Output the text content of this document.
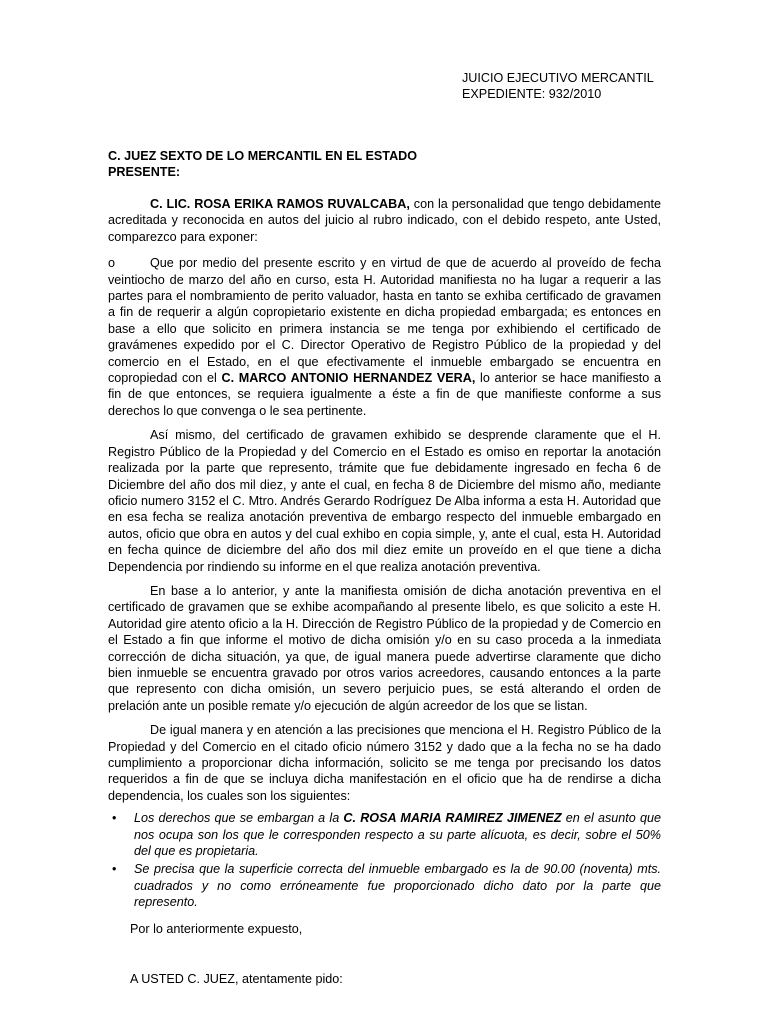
JUICIO EJECUTIVO MERCANTIL
EXPEDIENTE: 932/2010
C. JUEZ SEXTO DE LO MERCANTIL EN EL ESTADO
PRESENTE:

C. LIC. ROSA ERIKA RAMOS RUVALCABA, con la personalidad que tengo debidamente acreditada y reconocida en autos del juicio al rubro indicado, con el debido respeto, ante Usted, comparezco para exponer:

o	Que por medio del presente escrito y en virtud de que de acuerdo al proveído de fecha veintiocho de marzo del año en curso, esta H. Autoridad manifiesta no ha lugar a requerir a las partes para el nombramiento de perito valuador, hasta en tanto se exhiba certificado de gravamen a fin de requerir a algún copropietario existente en dicha propiedad embargada; es entonces en base a ello que solicito en primera instancia se me tenga por exhibiendo el certificado de gravámenes expedido por el C. Director Operativo de Registro Público de la propiedad y del comercio en el Estado, en el que efectivamente el inmueble embargado se encuentra en copropiedad con el C. MARCO ANTONIO HERNANDEZ VERA, lo anterior se hace manifiesto a fin de que entonces, se requiera igualmente a éste a fin de que manifieste conforme a sus derechos lo que convenga o le sea pertinente.

Así mismo, del certificado de gravamen exhibido se desprende claramente que el H. Registro Público de la Propiedad y del Comercio en el Estado es omiso en reportar la anotación realizada por la parte que represento, trámite que fue debidamente ingresado en fecha 6 de Diciembre del año dos mil diez, y ante el cual, en fecha 8 de Diciembre del mismo año, mediante oficio numero 3152 el C. Mtro. Andrés Gerardo Rodríguez De Alba informa a esta H. Autoridad que en esa fecha se realiza anotación preventiva de embargo respecto del inmueble embargado en autos, oficio que obra en autos y del cual exhibo en copia simple, y, ante el cual, esta H. Autoridad en fecha quince de diciembre del año dos mil diez emite un proveído en el que tiene a dicha Dependencia por rindiendo su informe en el que realiza anotación preventiva.

En base a lo anterior, y ante la manifiesta omisión de dicha anotación preventiva en el certificado de gravamen que se exhibe acompañando al presente libelo, es que solicito a este H. Autoridad gire atento oficio a la H. Dirección de Registro Público de la propiedad y de Comercio en el Estado a fin que informe el motivo de dicha omisión y/o en su caso proceda a la inmediata corrección de dicha situación, ya que, de igual manera puede advertirse claramente que dicho bien inmueble se encuentra gravado por otros varios acreedores, causando entonces a la parte que represento con dicha omisión, un severo perjuicio pues, se está alterando el orden de prelación ante un posible remate y/o ejecución de algún acreedor de los que se listan.

De igual manera y en atención a las precisiones que menciona el H. Registro Público de la Propiedad y del Comercio en el citado oficio número 3152 y dado que a la fecha no se ha dado cumplimiento a proporcionar dicha información, solicito se me tenga por precisando los datos requeridos a fin de que se incluya dicha manifestación en el oficio que ha de rendirse a dicha dependencia, los cuales son los siguientes:

• Los derechos que se embargan a la C. ROSA MARIA RAMIREZ JIMENEZ en el asunto que nos ocupa son los que le corresponden respecto a su parte alícuota, es decir, sobre el 50% del que es propietaria.
• Se precisa que la superficie correcta del inmueble embargado es la de 90.00 (noventa) mts. cuadrados y no como erróneamente fue proporcionado dicho dato por la parte que represento.

Por lo anteriormente expuesto,

A USTED C. JUEZ, atentamente pido:
